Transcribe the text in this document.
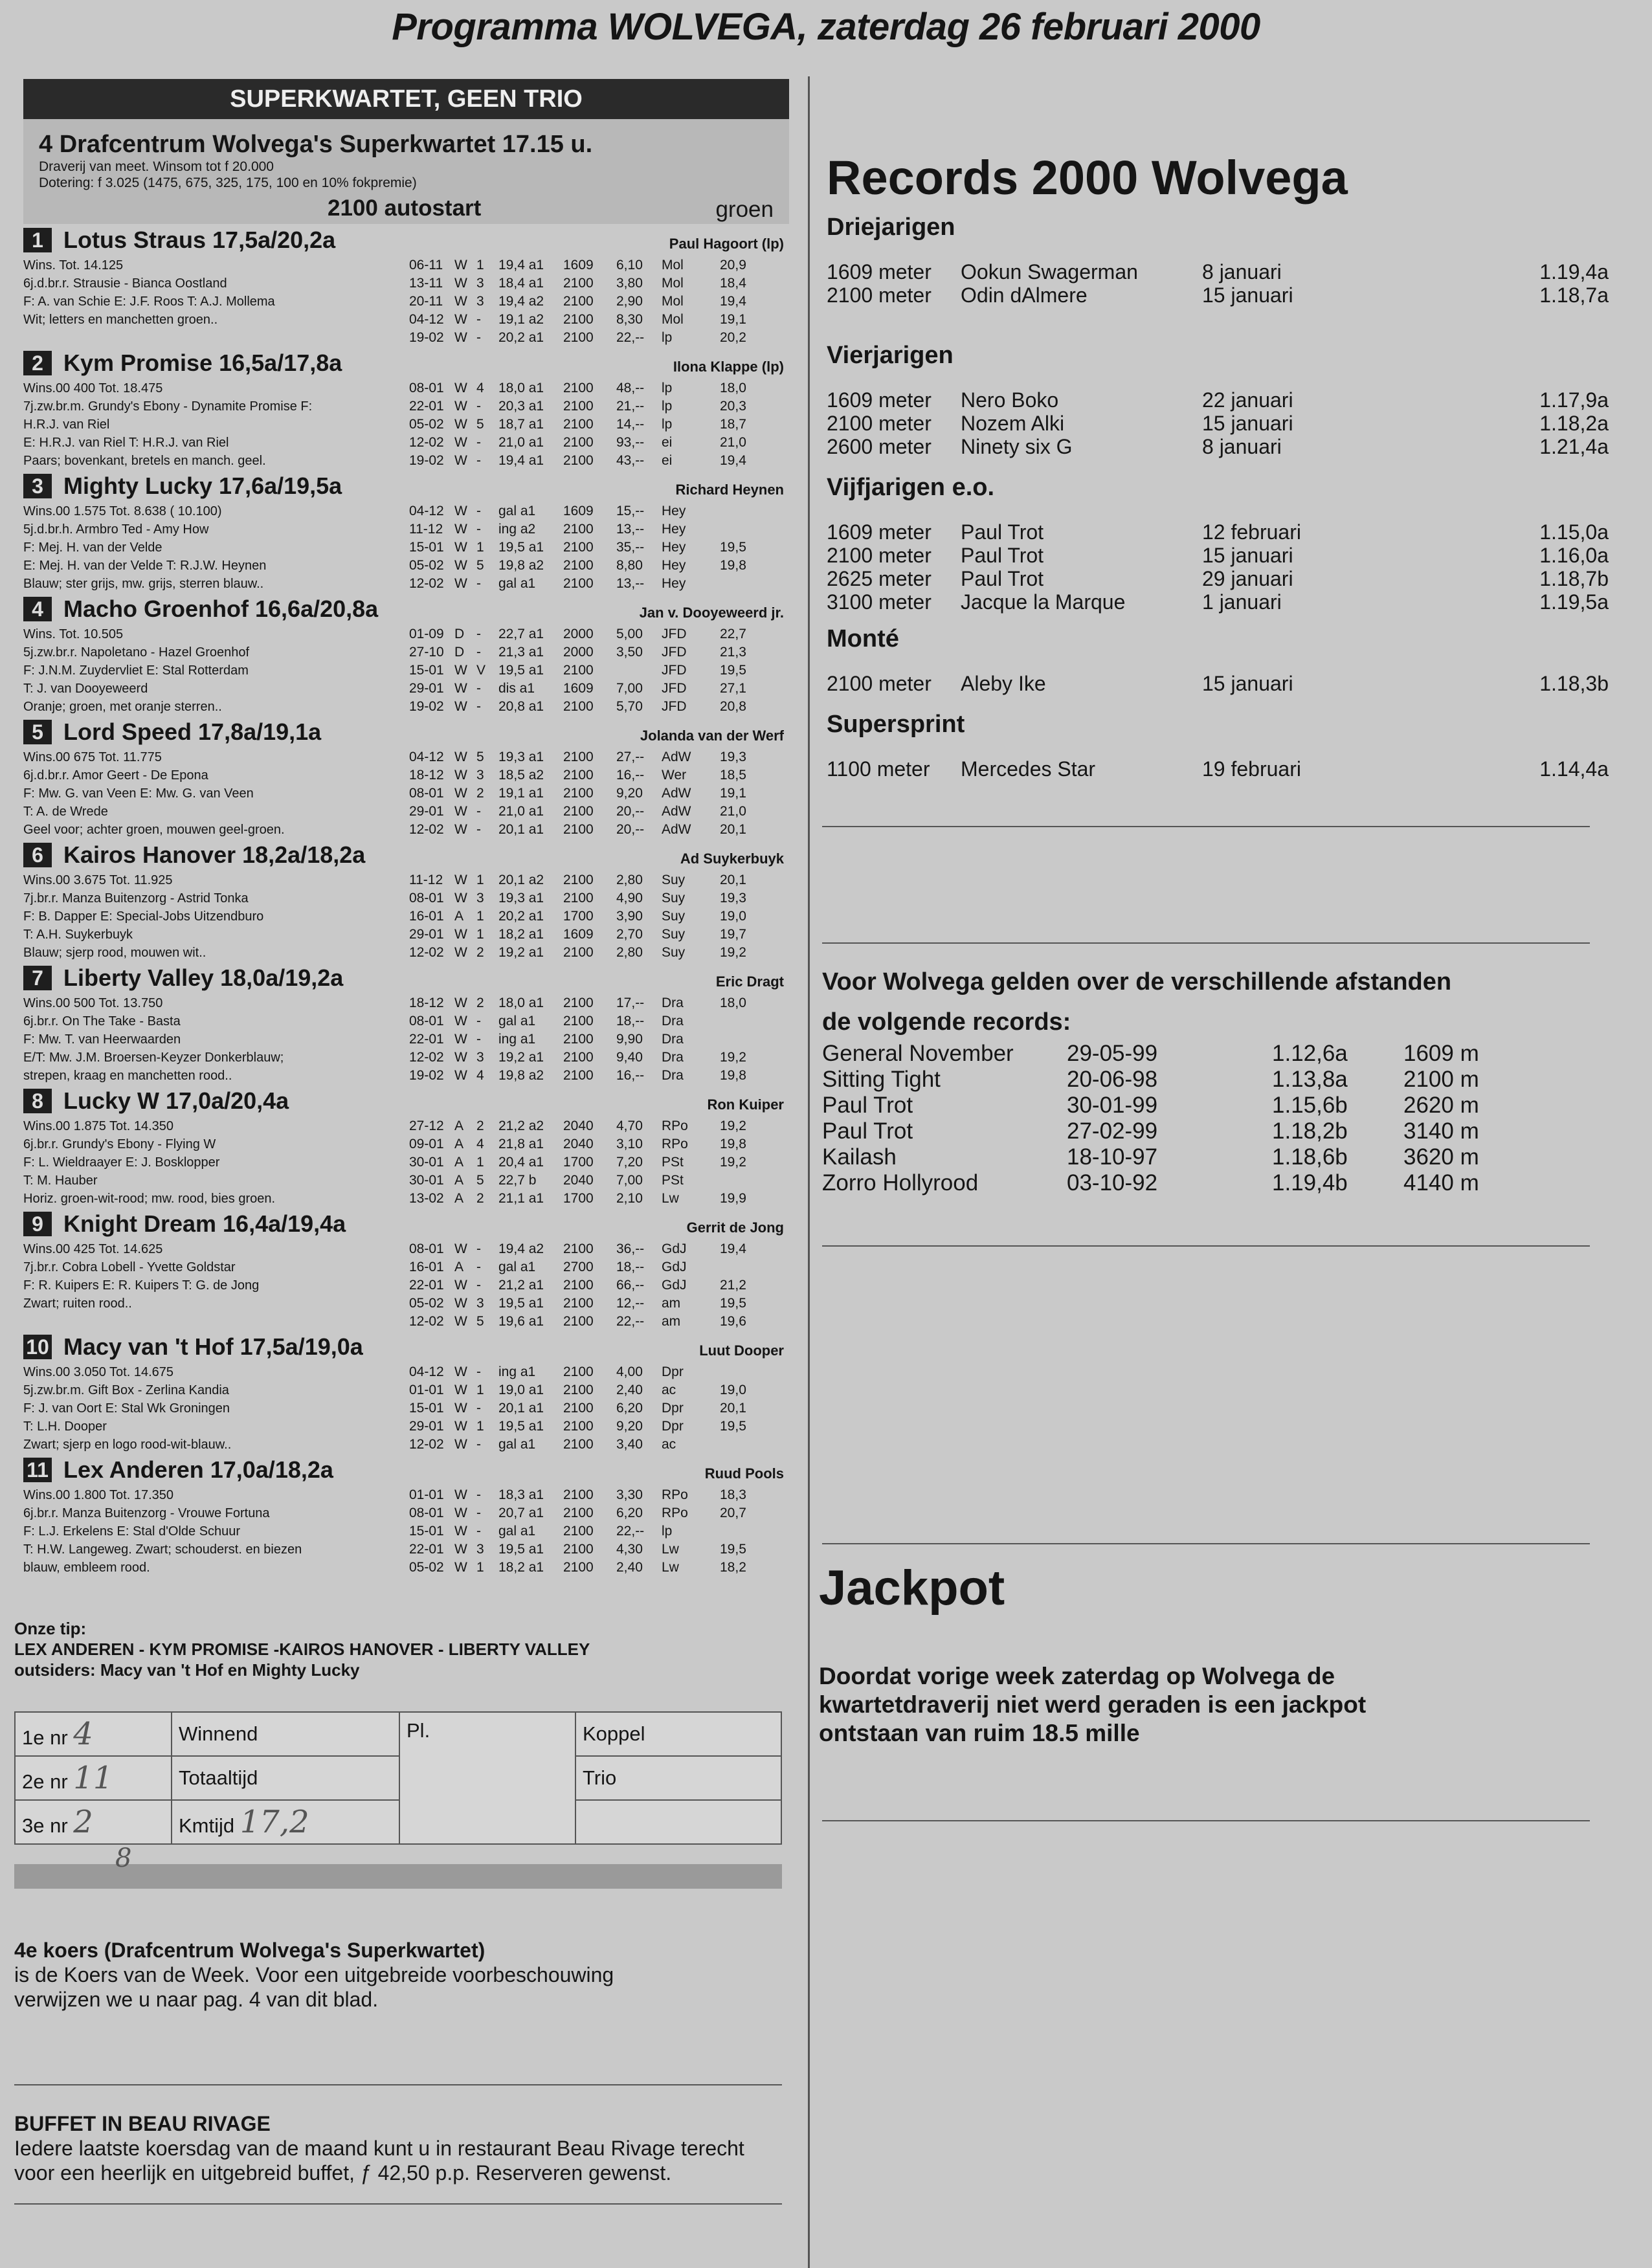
Programma WOLVEGA, zaterdag 26 februari 2000
SUPERKWARTET, GEEN TRIO
4 Drafcentrum Wolvega's Superkwartet 17.15 u.
Draverij van meet. Winsom tot f 20.000
Dotering: f 3.025 (1475, 675, 325, 175, 100 en 10% fokpremie)
2100 autostart	groen
1 Lotus Straus 17,5a/20,2a	Paul Hagoort (lp)
Wins. Tot. 14.125
6j.d.br.r. Strausie - Bianca Oostland
F: A. van Schie E: J.F. Roos T: A.J. Mollema
Wit; letters en manchetten groen..
06-11 W 1	19,4 a1	1609	6,10	Mol	20,9
13-11 W 3	18,4 a1	2100	3,80	Mol	18,4
20-11 W 3	19,4 a2	2100	2,90	Mol	19,4
04-12 W -	19,1 a2	2100	8,30	Mol	19,1
19-02 W -	20,2 a1	2100	22,--	lp	20,2
2 Kym Promise 16,5a/17,8a	Ilona Klappe (lp)
Wins.00 400 Tot. 18.475
7j.zw.br.m. Grundy's Ebony - Dynamite Promise F:
H.R.J. van Riel
E: H.R.J. van Riel T: H.R.J. van Riel
Paars; bovenkant, bretels en manch. geel.
08-01 W 4	18,0 a1	2100	48,--	lp	18,0
22-01 W -	20,3 a1	2100	21,--	lp	20,3
05-02 W 5	18,7 a1	2100	14,--	lp	18,7
12-02 W -	21,0 a1	2100	93,--	ei	21,0
19-02 W -	19,4 a1	2100	43,--	ei	19,4
3 Mighty Lucky 17,6a/19,5a	Richard Heynen
Wins.00 1.575 Tot. 8.638 ( 10.100)
5j.d.br.h. Armbro Ted - Amy How
F: Mej. H. van der Velde
E: Mej. H. van der Velde T: R.J.W. Heynen
Blauw; ster grijs, mw. grijs, sterren blauw..
04-12 W -	gal a1	1609	15,--	Hey
11-12 W -	ing a2	2100	13,--	Hey
15-01 W 1	19,5 a1	2100	35,--	Hey	19,5
05-02 W 5	19,8 a2	2100	8,80	Hey	19,8
12-02 W -	gal a1	2100	13,--	Hey
4 Macho Groenhof 16,6a/20,8a	Jan v. Dooyeweerd jr.
Wins. Tot. 10.505
5j.zw.br.r. Napoletano - Hazel Groenhof
F: J.N.M. Zuydervliet E: Stal Rotterdam
T: J. van Dooyeweerd
Oranje; groen, met oranje sterren..
01-09 D -	22,7 a1	2000	5,00	JFD	22,7
27-10 D -	21,3 a1	2000	3,50	JFD	21,3
15-01 W V 19,5 a1	2100	JFD	19,5
29-01 W -	dis a1	1609	7,00	JFD	27,1
19-02 W -	20,8 a1	2100	5,70	JFD	20,8
5 Lord Speed 17,8a/19,1a	Jolanda van der Werf
Wins.00 675 Tot. 11.775
6j.d.br.r. Amor Geert - De Epona
F: Mw. G. van Veen E: Mw. G. van Veen
T: A. de Wrede
Geel voor; achter groen, mouwen geel-groen.
04-12 W 5	19,3 a1	2100	27,--	AdW	19,3
18-12 W 3	18,5 a2	2100	16,--	Wer	18,5
08-01 W 2	19,1 a1	2100	9,20	AdW	19,1
29-01 W -	21,0 a1	2100	20,--	AdW	21,0
12-02 W -	20,1 a1	2100	20,--	AdW	20,1
6 Kairos Hanover 18,2a/18,2a	Ad Suykerbuyk
Wins.00 3.675 Tot. 11.925
7j.br.r. Manza Buitenzorg - Astrid Tonka
F: B. Dapper E: Special-Jobs Uitzendburo
T: A.H. Suykerbuyk
Blauw; sjerp rood, mouwen wit..
11-12 W 1	20,1 a2	2100	2,80	Suy	20,1
08-01 W 3	19,3 a1	2100	4,90	Suy	19,3
16-01 A 1	20,2 a1	1700	3,90	Suy	19,0
29-01 W 1	18,2 a1	1609	2,70	Suy	19,7
12-02 W 2	19,2 a1	2100	2,80	Suy	19,2
7 Liberty Valley 18,0a/19,2a	Eric Dragt
Wins.00 500 Tot. 13.750
6j.br.r. On The Take - Basta
F: Mw. T. van Heerwaarden
E/T: Mw. J.M. Broersen-Keyzer Donkerblauw;
strepen, kraag en manchetten rood..
18-12 W 2	18,0 a1	2100	17,--	Dra	18,0
08-01 W -	gal a1	2100	18,--	Dra
22-01 W -	ing a1	2100	9,90	Dra
12-02 W 3	19,2 a1	2100	9,40	Dra	19,2
19-02 W 4	19,8 a2	2100	16,--	Dra	19,8
8 Lucky W 17,0a/20,4a	Ron Kuiper
Wins.00 1.875 Tot. 14.350
6j.br.r. Grundy's Ebony - Flying W
F: L. Wieldraayer E: J. Bosklopper
T: M. Hauber
Horiz. groen-wit-rood; mw. rood, bies groen.
27-12 A 2	21,2 a2	2040	4,70	RPo	19,2
09-01 A 4	21,8 a1	2040	3,10	RPo	19,8
30-01 A 1	20,4 a1	1700	7,20	PSt	19,2
30-01 A 5	22,7 b	2040	7,00	PSt
13-02 A 2	21,1 a1	1700	2,10	Lw	19,9
9 Knight Dream 16,4a/19,4a	Gerrit de Jong
Wins.00 425 Tot. 14.625
7j.br.r. Cobra Lobell - Yvette Goldstar
F: R. Kuipers E: R. Kuipers T: G. de Jong
Zwart; ruiten rood..
08-01 W -	19,4 a2	2100	36,--	GdJ	19,4
16-01 A -	gal a1	2700	18,--	GdJ
22-01 W -	21,2 a1	2100	66,--	GdJ	21,2
05-02 W 3	19,5 a1	2100	12,--	am	19,5
12-02 W 5	19,6 a1	2100	22,--	am	19,6
10 Macy van 't Hof 17,5a/19,0a	Luut Dooper
Wins.00 3.050 Tot. 14.675
5j.zw.br.m. Gift Box - Zerlina Kandia
F: J. van Oort E: Stal Wk Groningen
T: L.H. Dooper
Zwart; sjerp en logo rood-wit-blauw..
04-12 W -	ing a1	2100	4,00	Dpr
01-01 W 1	19,0 a1	2100	2,40	ac	19,0
15-01 W -	20,1 a1	2100	6,20	Dpr	20,1
29-01 W 1	19,5 a1	2100	9,20	Dpr	19,5
12-02 W -	gal a1	2100	3,40	ac
11 Lex Anderen 17,0a/18,2a	Ruud Pools
Wins.00 1.800 Tot. 17.350
6j.br.r. Manza Buitenzorg - Vrouwe Fortuna
F: L.J. Erkelens E: Stal d'Olde Schuur
T: H.W. Langeweg. Zwart; schouderst. en biezen
blauw, embleem rood.
01-01 W -	18,3 a1	2100	3,30	RPo	18,3
08-01 W -	20,7 a1	2100	6,20	RPo	20,7
15-01 W -	gal a1	2100	22,--	lp
22-01 W 3	19,5 a1	2100	4,30	Lw	19,5
05-02 W 1	18,2 a1	2100	2,40	Lw	18,2
Onze tip:
LEX ANDEREN - KYM PROMISE -KAIROS HANOVER - LIBERTY VALLEY
outsiders: Macy van 't Hof en Mighty Lucky
1e nr 4	Winnend	Pl.	Koppel
2e nr 11	Totaaltijd		Trio
3e nr 2	Kmtijd 17,2		
8
4e koers (Drafcentrum Wolvega's Superkwartet)
is de Koers van de Week. Voor een uitgebreide voorbeschouwing
verwijzen we u naar pag. 4 van dit blad.
BUFFET IN BEAU RIVAGE
Iedere laatste koersdag van de maand kunt u in restaurant Beau Rivage terecht
voor een heerlijk en uitgebreid buffet, ƒ 42,50 p.p. Reserveren gewenst.
Records 2000 Wolvega
Driejarigen
1609 meter Ookun Swagerman	8 januari	1.19,4a
2100 meter Odin dAlmere	15 januari	1.18,7a
Vierjarigen
1609 meter Nero Boko	22 januari	1.17,9a
2100 meter Nozem Alki	15 januari	1.18,2a
2600 meter Ninety six G	8 januari	1.21,4a
Vijfjarigen e.o.
1609 meter Paul Trot	12 februari	1.15,0a
2100 meter Paul Trot	15 januari	1.16,0a
2625 meter Paul Trot	29 januari	1.18,7b
3100 meter Jacque la Marque	1 januari	1.19,5a
Monté
2100 meter Aleby Ike	15 januari	1.18,3b
Supersprint
1100 meter Mercedes Star	19 februari	1.14,4a
Voor Wolvega gelden over de verschillende afstanden
de volgende records:
General November 29-05-99	1.12,6a 1609 m
Sitting Tight	20-06-98	1.13,8a 2100 m
Paul Trot	30-01-99	1.15,6b 2620 m
Paul Trot	27-02-99	1.18,2b 3140 m
Kailash	18-10-97	1.18,6b 3620 m
Zorro Hollyrood	03-10-92	1.19,4b 4140 m
Jackpot
Doordat vorige week zaterdag op Wolvega de
kwartetdraverij niet werd geraden is een jackpot
ontstaan van ruim 18.5 mille
